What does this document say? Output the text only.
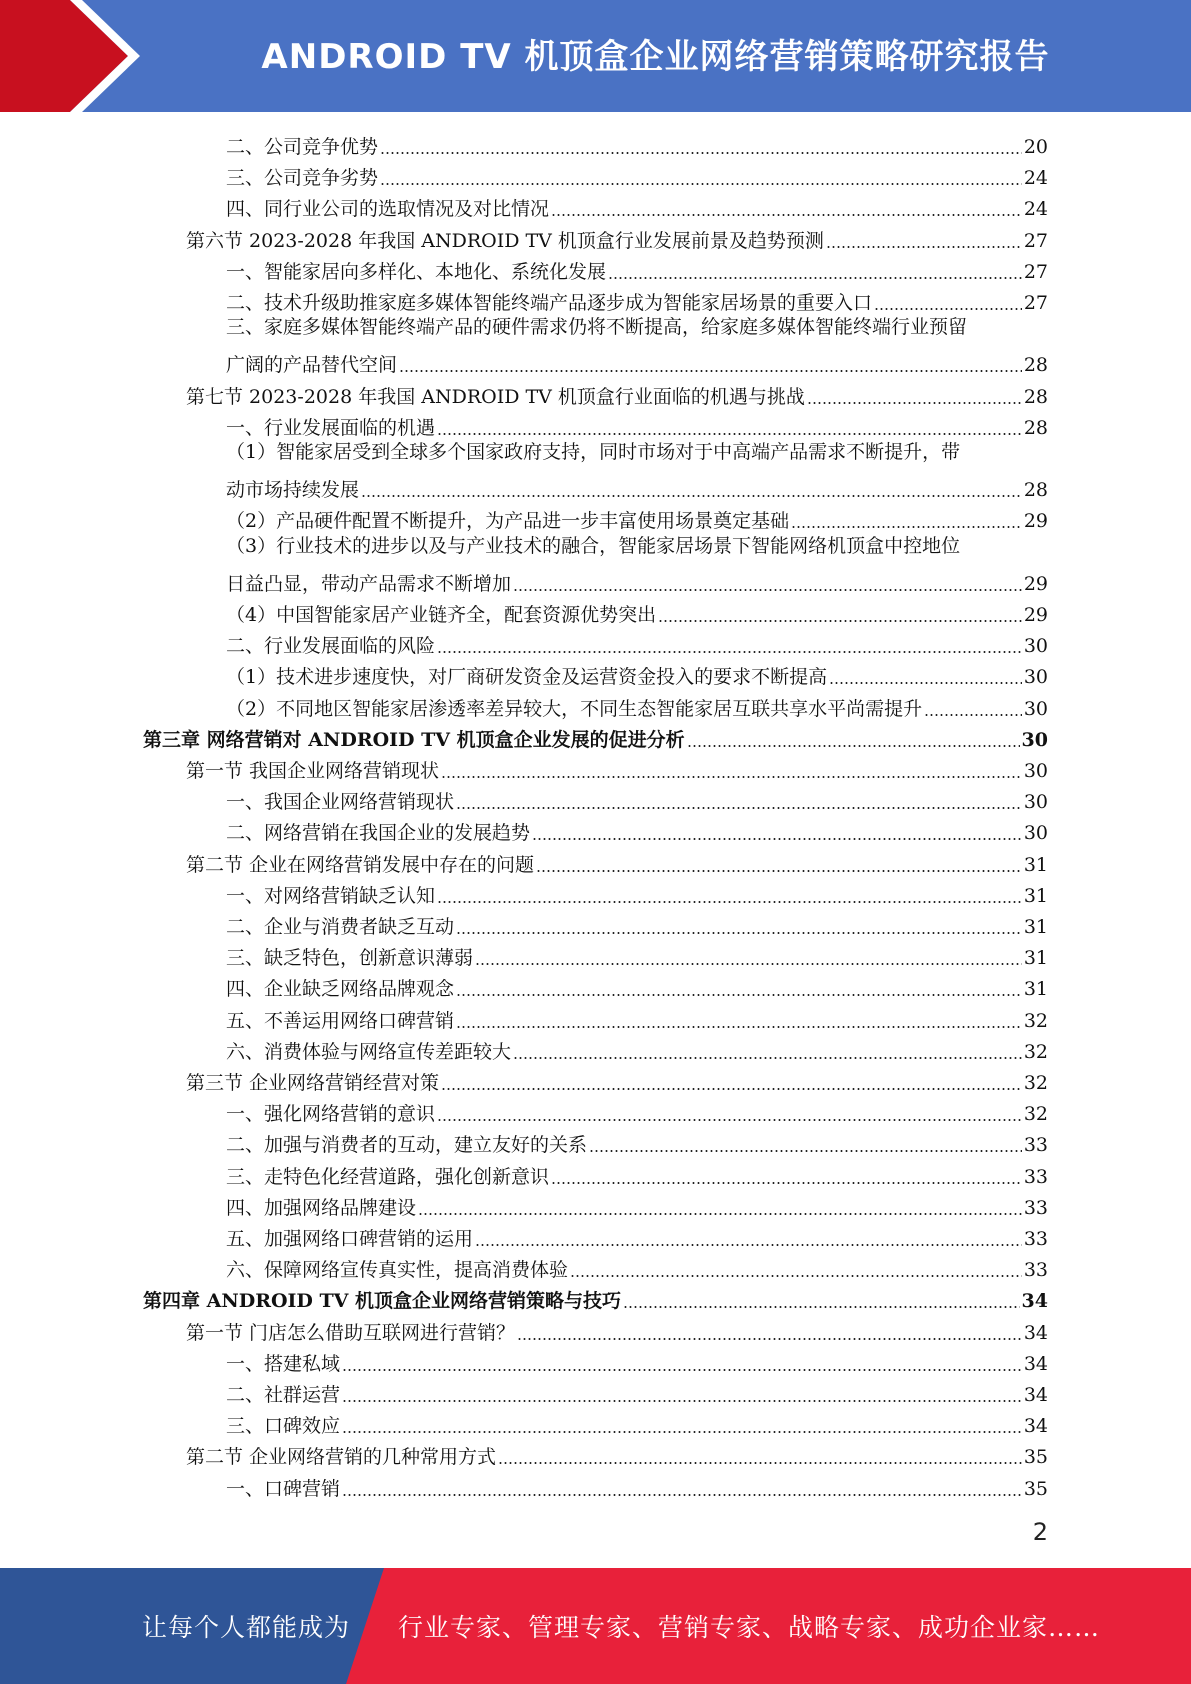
ANDROID TV 机顶盒企业网络营销策略研究报告
二、公司竞争优势	20
三、公司竞争劣势	24
四、同行业公司的选取情况及对比情况	24
第六节 2023-2028 年我国 ANDROID TV 机顶盒行业发展前景及趋势预测	27
一、智能家居向多样化、本地化、系统化发展	27
二、技术升级助推家庭多媒体智能终端产品逐步成为智能家居场景的重要入口	27
三、家庭多媒体智能终端产品的硬件需求仍将不断提高，给家庭多媒体智能终端行业预留
广阔的产品替代空间	28
第七节 2023-2028 年我国 ANDROID TV 机顶盒行业面临的机遇与挑战	28
一、行业发展面临的机遇	28
（1）智能家居受到全球多个国家政府支持，同时市场对于中高端产品需求不断提升，带
动市场持续发展	28
（2）产品硬件配置不断提升，为产品进一步丰富使用场景奠定基础	29
（3）行业技术的进步以及与产业技术的融合，智能家居场景下智能网络机顶盒中控地位
日益凸显，带动产品需求不断增加	29
（4）中国智能家居产业链齐全，配套资源优势突出	29
二、行业发展面临的风险	30
（1）技术进步速度快，对厂商研发资金及运营资金投入的要求不断提高	30
（2）不同地区智能家居渗透率差异较大，不同生态智能家居互联共享水平尚需提升	30
第三章 网络营销对 ANDROID TV 机顶盒企业发展的促进分析	30
第一节 我国企业网络营销现状	30
一、我国企业网络营销现状	30
二、网络营销在我国企业的发展趋势	30
第二节 企业在网络营销发展中存在的问题	31
一、对网络营销缺乏认知	31
二、企业与消费者缺乏互动	31
三、缺乏特色，创新意识薄弱	31
四、企业缺乏网络品牌观念	31
五、不善运用网络口碑营销	32
六、消费体验与网络宣传差距较大	32
第三节 企业网络营销经营对策	32
一、强化网络营销的意识	32
二、加强与消费者的互动，建立友好的关系	33
三、走特色化经营道路，强化创新意识	33
四、加强网络品牌建设	33
五、加强网络口碑营销的运用	33
六、保障网络宣传真实性，提高消费体验	33
第四章 ANDROID TV 机顶盒企业网络营销策略与技巧	34
第一节 门店怎么借助互联网进行营销？	34
一、搭建私域	34
二、社群运营	34
三、口碑效应	34
第二节 企业网络营销的几种常用方式	35
一、口碑营销	35
2
让每个人都能成为 行业专家、管理专家、营销专家、战略专家、成功企业家……
